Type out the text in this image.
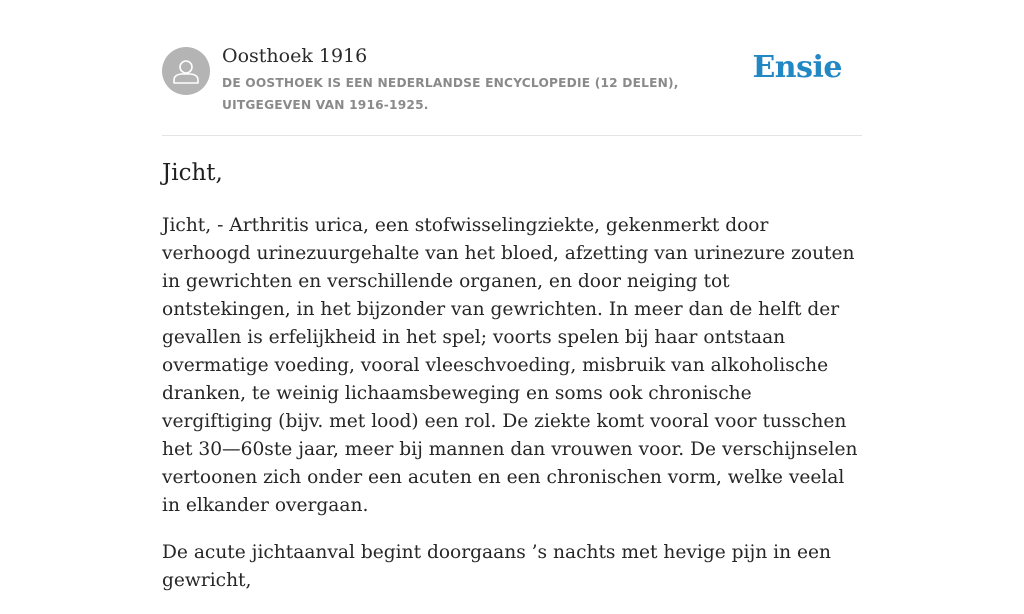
Oosthoek 1916
DE OOSTHOEK IS EEN NEDERLANDSE ENCYCLOPEDIE (12 DELEN), UITGEGEVEN VAN 1916-1925.
Ensie
Jicht,

Jicht, - Arthritis urica, een stofwisselingziekte, gekenmerkt door verhoogd urinezuurgehalte van het bloed, afzetting van urinezure zouten in gewrichten en verschillende organen, en door neiging tot ontstekingen, in het bijzonder van gewrichten. In meer dan de helft der gevallen is erfelijkheid in het spel; voorts spelen bij haar ontstaan overmatige voeding, vooral vleeschvoeding, misbruik van alkoholische dranken, te weinig lichaamsbeweging en soms ook chronische vergiftiging (bijv. met lood) een rol. De ziekte komt vooral voor tusschen het 30—60ste jaar, meer bij mannen dan vrouwen voor. De verschijnselen vertoonen zich onder een acuten en een chronischen vorm, welke veelal in elkander overgaan.

De acute jichtaanval begint doorgaans ’s nachts met hevige pijn in een gewricht,
